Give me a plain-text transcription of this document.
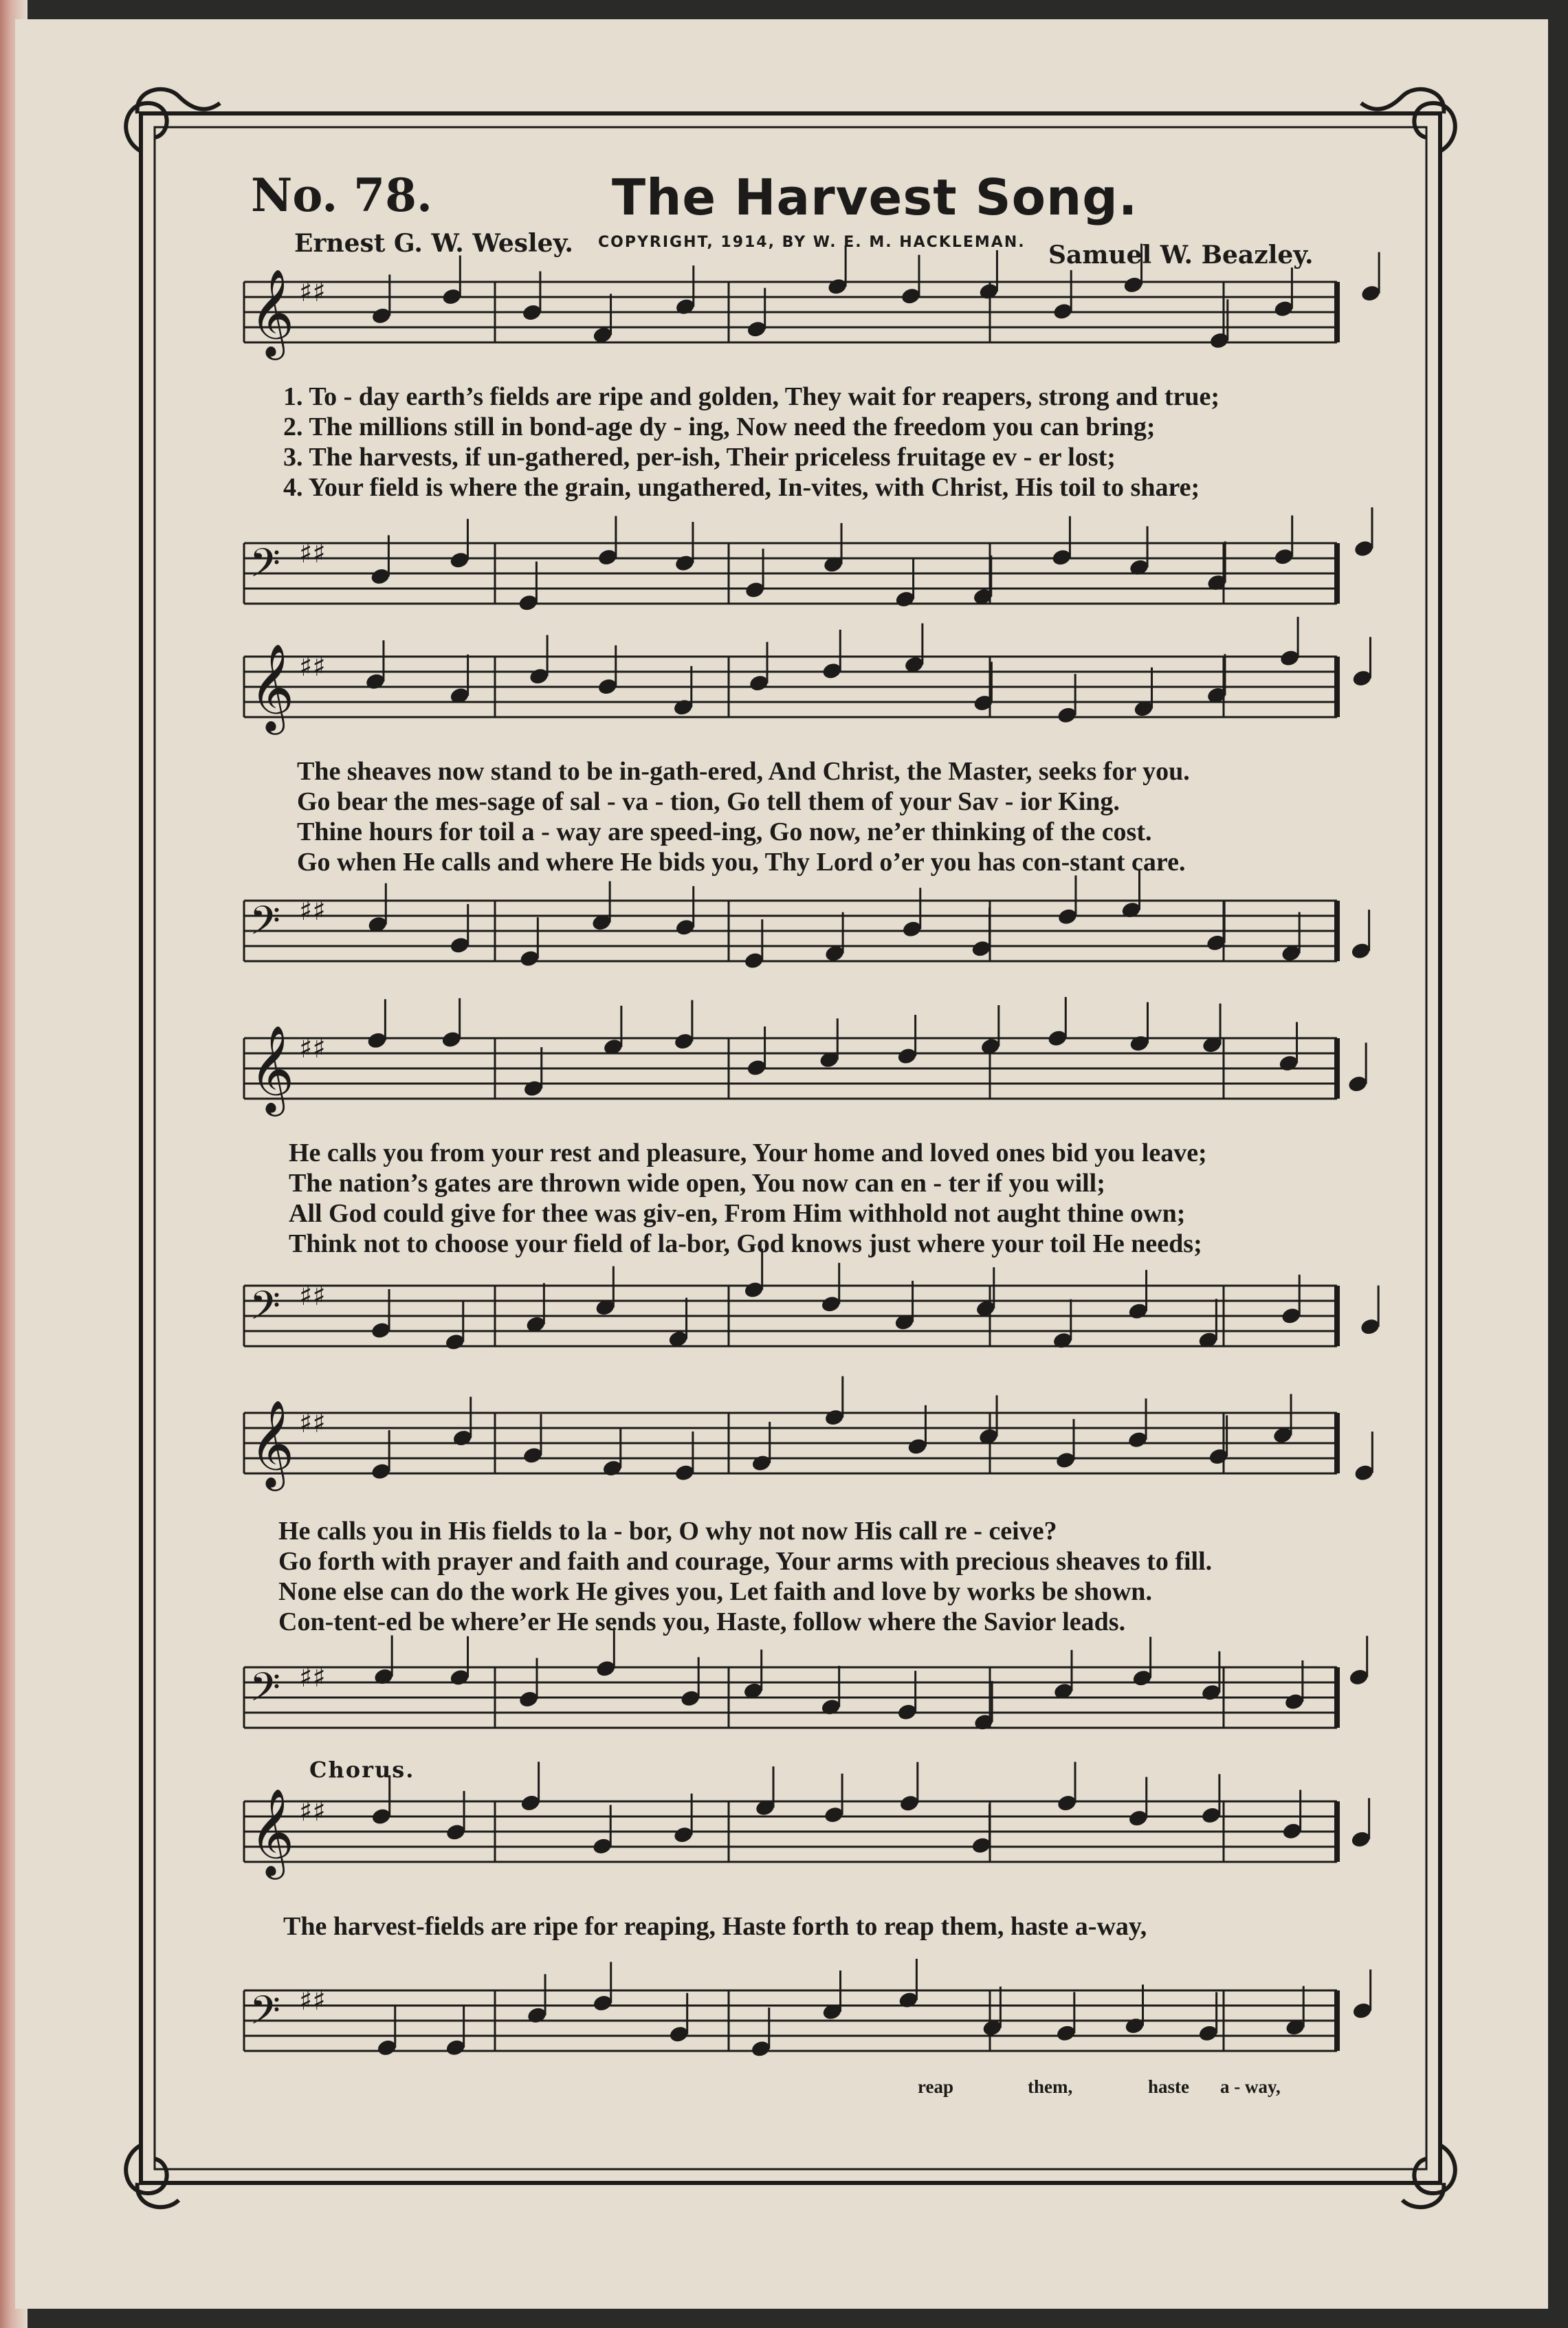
𝄞 ♯♯
𝄢 ♯♯
𝄞 ♯♯
𝄢 ♯♯
𝄞 ♯♯
𝄢 ♯♯
𝄞 ♯♯
𝄢 ♯♯
𝄞 ♯♯
𝄢 ♯♯
No. 78.	The Harvest Song.
Ernest G. W. Wesley. COPYRIGHT, 1914, BY W. E. M. HACKLEMAN. Samuel W. Beazley.
1. To - day earth’s fields are ripe and golden, They wait for reapers, strong and true;
2. The millions still in bond-age dy - ing, Now need the freedom you can bring;
3. The harvests, if un-gathered, per-ish, Their priceless fruitage ev - er lost;
4. Your field is where the grain, ungathered, In-vites, with Christ, His toil to share;
The sheaves now stand to be in-gath-ered, And Christ, the Master, seeks for you.
Go bear the mes-sage of sal - va - tion, Go tell them of your Sav - ior King.
Thine hours for toil a - way are speed-ing, Go now, ne’er thinking of the cost.
Go when He calls and where He bids you, Thy Lord o’er you has con-stant care.
He calls you from your rest and pleasure, Your home and loved ones bid you leave;
The nation’s gates are thrown wide open, You now can en - ter if you will;
All God could give for thee was giv-en, From Him withhold not aught thine own;
Think not to choose your field of la-bor, God knows just where your toil He needs;
He calls you in His fields to la - bor, O why not now His call re - ceive?
Go forth with prayer and faith and courage, Your arms with precious sheaves to fill.
None else can do the work He gives you, Let faith and love by works be shown.
Con-tent-ed be where’er He sends you, Haste, follow where the Savior leads.
Chorus.
The harvest-fields are ripe for reaping, Haste forth to reap them, haste a-way,
reap	them,	haste a - way,
